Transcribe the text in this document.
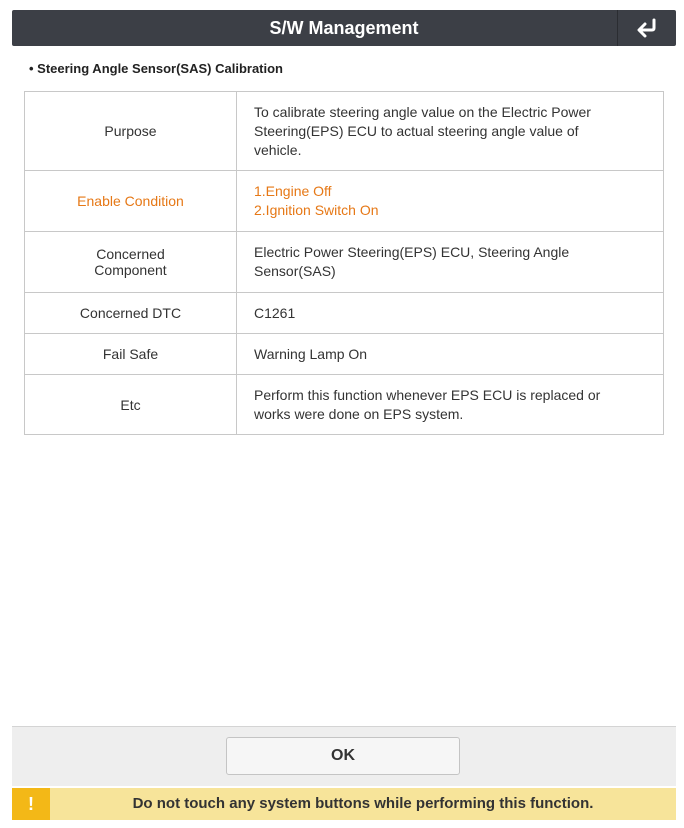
S/W Management
• Steering Angle Sensor(SAS) Calibration
Purpose	To calibrate steering angle value on the Electric Power
Steering(EPS) ECU to actual steering angle value of
vehicle.

Enable Condition	1.Engine Off
2.Ignition Switch On

Concerned
Component	Electric Power Steering(EPS) ECU, Steering Angle
Sensor(SAS)

Concerned DTC	C1261

Fail Safe	Warning Lamp On

Etc	Perform this function whenever EPS ECU is replaced or
works were done on EPS system.
OK
!	Do not touch any system buttons while performing this function.
